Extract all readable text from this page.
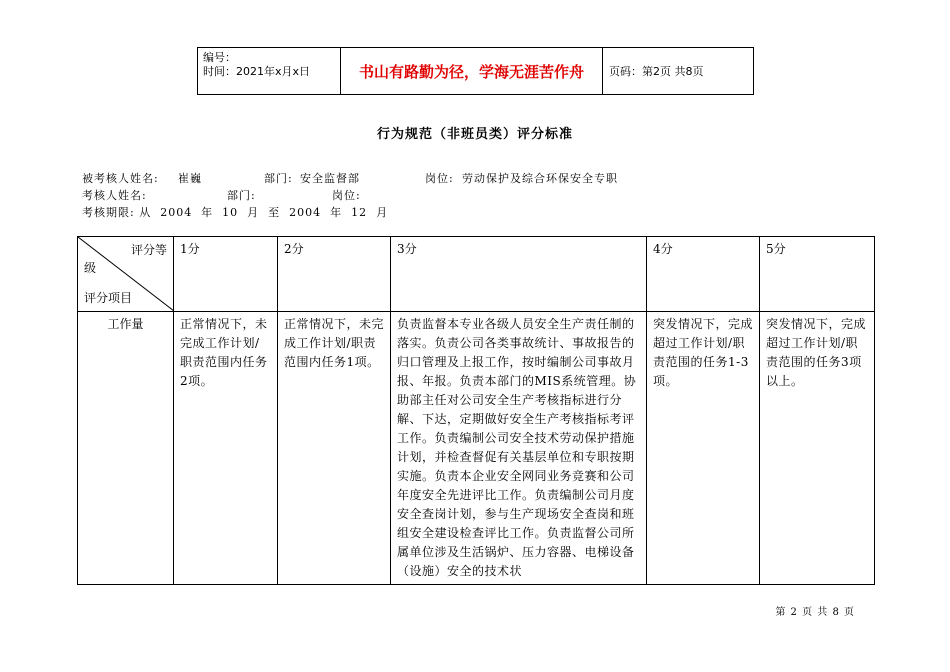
编号：
时间：2021年x月x日	书山有路勤为径，学海无涯苦作舟	页码：第2页 共8页
行为规范（非班员类）评分标准
被考核人姓名: 崔巍	部门: 安全监督部	岗位: 劳动保护及综合环保安全专职
考核人姓名:	部门:	岗位:
考核期限: 从  2004  年  10  月  至  2004  年  12  月
评分等
级
评分项目	1分	2分	3分	4分	5分
工作量	正常情况下，未完成工作计划/职责范围内任务2项。	正常情况下，未完成工作计划/职责范围内任务1项。	负责监督本专业各级人员安全生产责任制的落实。负责公司各类事故统计、事故报告的归口管理及上报工作，按时编制公司事故月报、年报。负责本部门的MIS系统管理。协助部主任对公司安全生产考核指标进行分解、下达，定期做好安全生产考核指标考评工作。负责编制公司安全技术劳动保护措施计划，并检查督促有关基层单位和专职按期实施。负责本企业安全网同业务竞赛和公司年度安全先进评比工作。负责编制公司月度安全查岗计划，参与生产现场安全查岗和班组安全建设检查评比工作。负责监督公司所属单位涉及生活锅炉、压力容器、电梯设备（设施）安全的技术状	突发情况下，完成超过工作计划/职责范围的任务1-3项。	突发情况下，完成超过工作计划/职责范围的任务3项以上。
第 2 页 共 8 页
